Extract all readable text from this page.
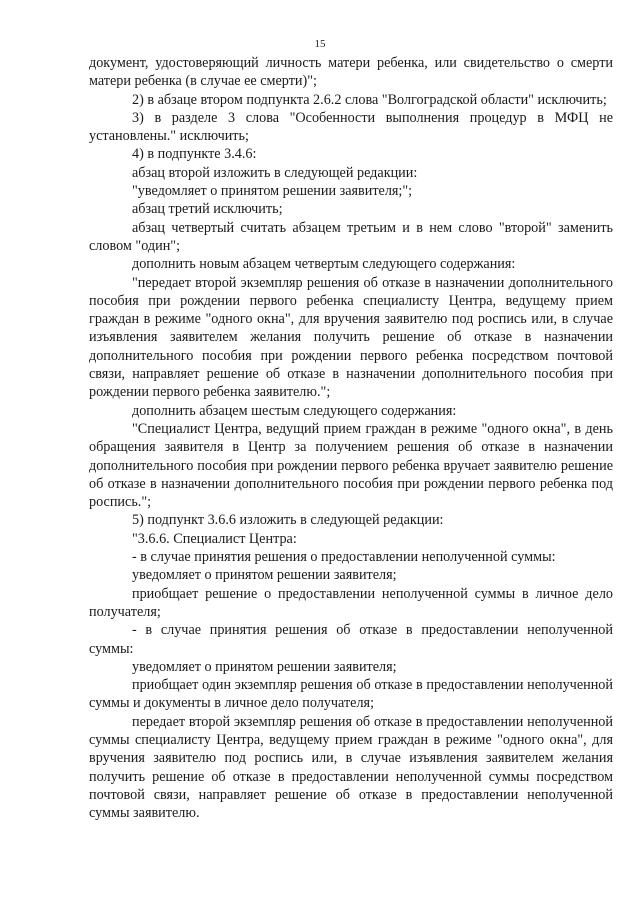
15

документ, удостоверяющий личность матери ребенка, или свидетельство о смерти матери ребенка (в случае ее смерти)";

2) в абзаце втором подпункта 2.6.2 слова "Волгоградской области" исключить;

3) в разделе 3 слова "Особенности выполнения процедур в МФЦ не установлены." исключить;

4) в подпункте 3.4.6:

абзац второй изложить в следующей редакции:

"уведомляет о принятом решении заявителя;";

абзац третий исключить;

абзац четвертый считать абзацем третьим и в нем слово "второй" заменить словом "один";

дополнить новым абзацем четвертым следующего содержания:

"передает второй экземпляр решения об отказе в назначении дополнительного пособия при рождении первого ребенка специалисту Центра, ведущему прием граждан в режиме "одного окна", для вручения заявителю под роспись или, в случае изъявления заявителем желания получить решение об отказе в назначении дополнительного пособия при рождении первого ребенка посредством почтовой связи, направляет решение об отказе в назначении дополнительного пособия при рождении первого ребенка заявителю.";

дополнить абзацем шестым следующего содержания:

"Специалист Центра, ведущий прием граждан в режиме "одного окна", в день обращения заявителя в Центр за получением решения об отказе в назначении дополнительного пособия при рождении первого ребенка вручает заявителю решение об отказе в назначении дополнительного пособия при рождении первого ребенка под роспись.";

5) подпункт 3.6.6 изложить в следующей редакции:

"3.6.6. Специалист Центра:

- в случае принятия решения о предоставлении неполученной суммы:

уведомляет о принятом решении заявителя;

приобщает решение о предоставлении неполученной суммы в личное дело получателя;

- в случае принятия решения об отказе в предоставлении неполученной суммы:

уведомляет о принятом решении заявителя;

приобщает один экземпляр решения об отказе в предоставлении неполученной суммы и документы в личное дело получателя;

передает второй экземпляр решения об отказе в предоставлении неполученной суммы специалисту Центра, ведущему прием граждан в режиме "одного окна", для вручения заявителю под роспись или, в случае изъявления заявителем желания получить решение об отказе в предоставлении неполученной суммы посредством почтовой связи, направляет решение об отказе в предоставлении неполученной суммы заявителю.
